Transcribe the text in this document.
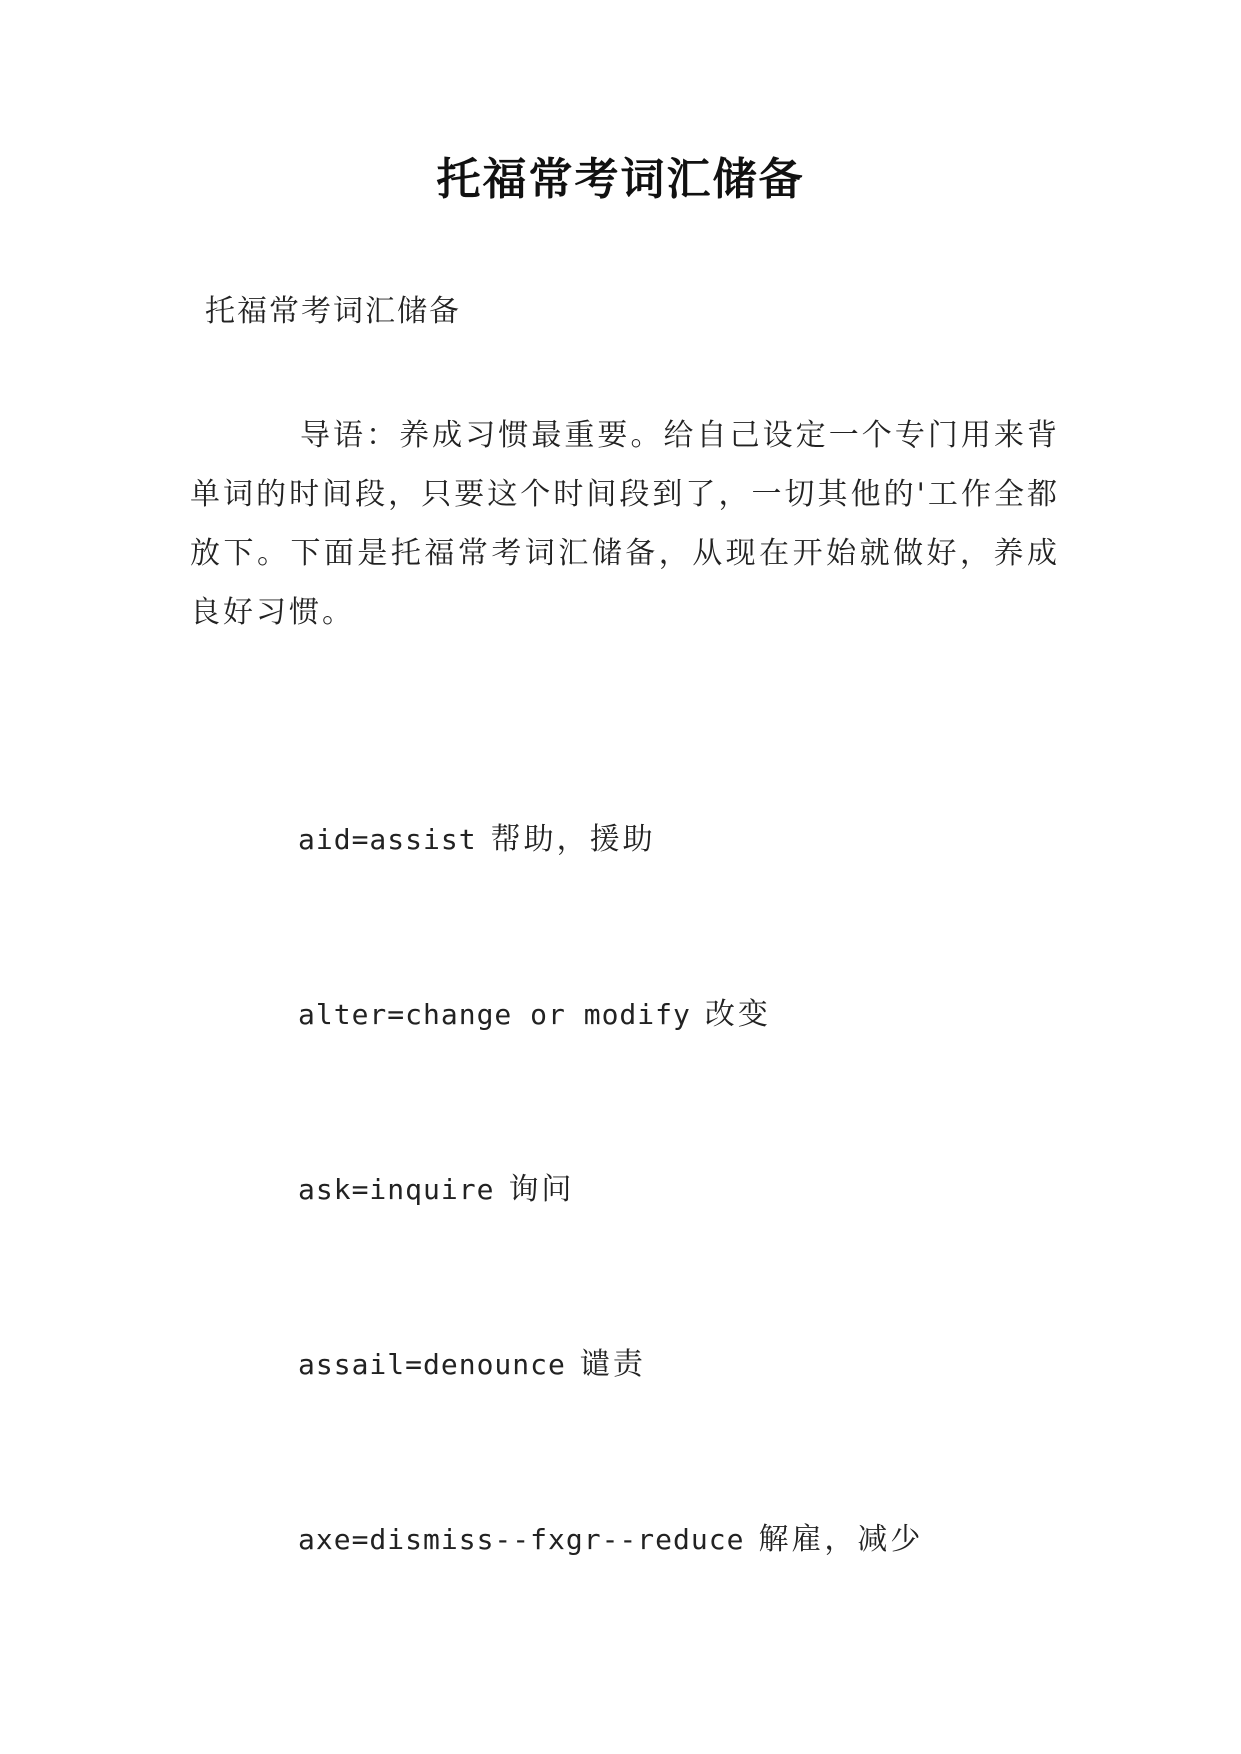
托福常考词汇储备
托福常考词汇储备

导语：养成习惯最重要。给自己设定一个专门用来背单词的时间段，只要这个时间段到了，一切其他的'工作全都放下。下面是托福常考词汇储备，从现在开始就做好，养成良好习惯。

aid=assist 帮助，援助
alter=change or modify 改变
ask=inquire 询问
assail=denounce 谴责
axe=dismiss--fxgr--reduce 解雇，减少
